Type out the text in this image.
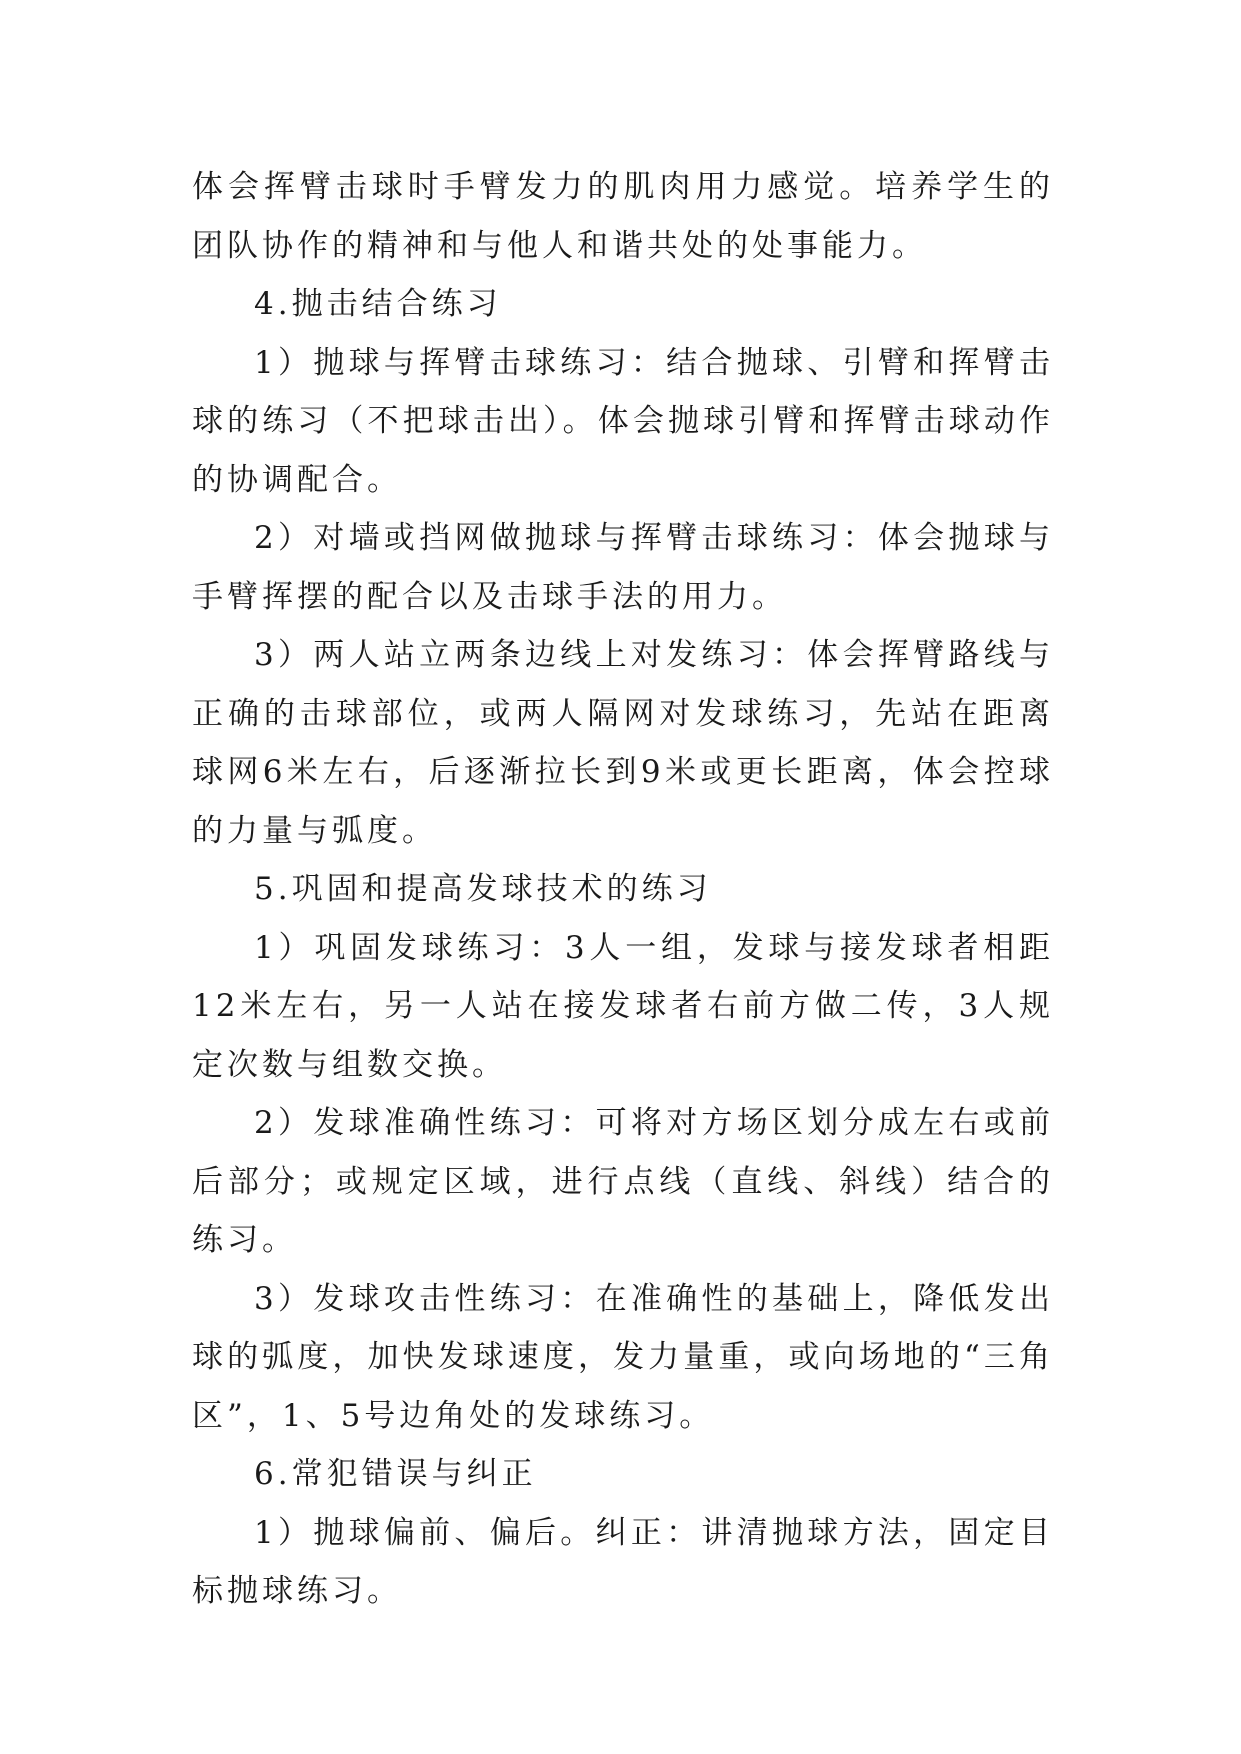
体会挥臂击球时手臂发力的肌肉用力感觉。培养学生的团队协作的精神和与他人和谐共处的处事能力。

4.抛击结合练习

1）抛球与挥臂击球练习：结合抛球、引臂和挥臂击球的练习（不把球击出）。体会抛球引臂和挥臂击球动作的协调配合。

2）对墙或挡网做抛球与挥臂击球练习：体会抛球与手臂挥摆的配合以及击球手法的用力。

3）两人站立两条边线上对发练习：体会挥臂路线与正确的击球部位，或两人隔网对发球练习，先站在距离球网6米左右，后逐渐拉长到9米或更长距离，体会控球的力量与弧度。

5.巩固和提高发球技术的练习

1）巩固发球练习：3人一组，发球与接发球者相距12米左右，另一人站在接发球者右前方做二传，3人规定次数与组数交换。

2）发球准确性练习：可将对方场区划分成左右或前后部分；或规定区域，进行点线（直线、斜线）结合的练习。

3）发球攻击性练习：在准确性的基础上，降低发出球的弧度，加快发球速度，发力量重，或向场地的“三角区”，1、5号边角处的发球练习。

6.常犯错误与纠正

1）抛球偏前、偏后。纠正：讲清抛球方法，固定目标抛球练习。
